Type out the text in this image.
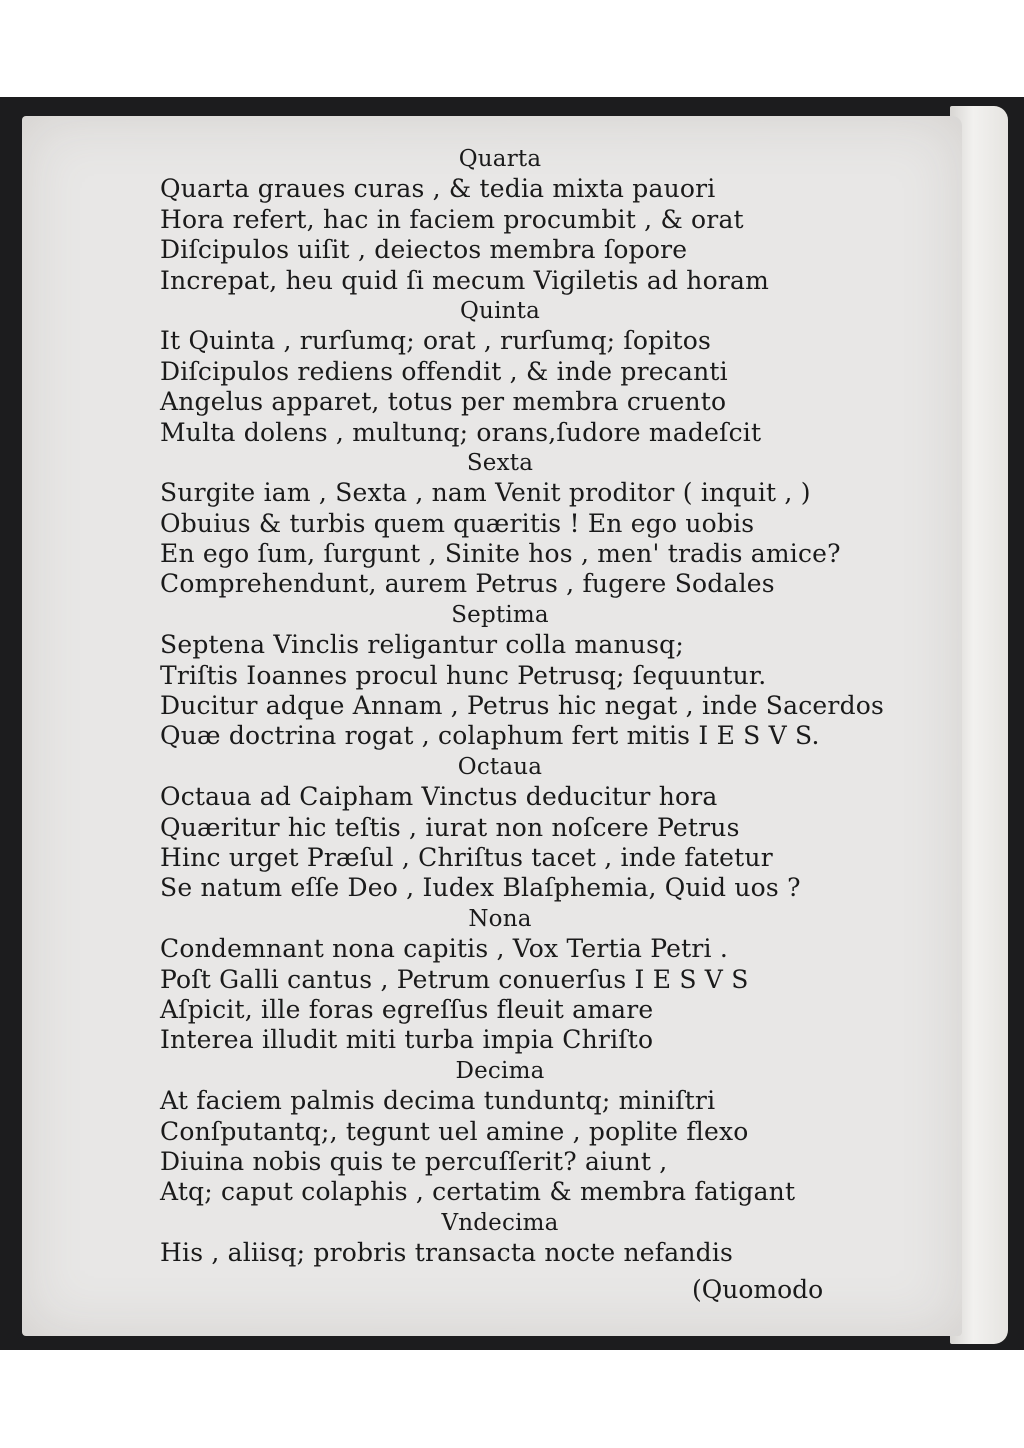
Quarta
Quarta graues curas , & tedia mixta pauori
Hora refert, hac in faciem procumbit , & orat
Diſcipulos uiſit , deiectos membra ſopore
Increpat, heu quid ſi mecum Vigiletis ad horam
Quinta
It Quinta , rurſumq; orat , rurſumq; ſopitos
Diſcipulos rediens offendit , & inde precanti
Angelus apparet, totus per membra cruento
Multa dolens , multunq; orans,ſudore madeſcit
Sexta
Surgite iam , Sexta , nam Venit proditor ( inquit , )
Obuius & turbis quem quæritis ! En ego uobis
En ego ſum, ſurgunt , Sinite hos , men' tradis amice?
Comprehendunt, aurem Petrus , fugere Sodales
Septima
Septena Vinclis religantur colla manusq;
Triſtis Ioannes procul hunc Petrusq; ſequuntur.
Ducitur adque Annam , Petrus hic negat , inde Sacerdos
Quæ doctrina rogat , colaphum fert mitis I E S V S.
Octaua
Octaua ad Caipham Vinctus deducitur hora
Quæritur hic teſtis , iurat non noſcere Petrus
Hinc urget Præſul , Chriſtus tacet , inde fatetur
Se natum eſſe Deo , Iudex Blaſphemia, Quid uos ?
Nona
Condemnant nona capitis , Vox Tertia Petri .
Poſt Galli cantus , Petrum conuerſus I E S V S
Aſpicit, ille foras egreſſus fleuit amare
Interea illudit miti turba impia Chriſto
Decima
At faciem palmis decima tunduntq; miniſtri
Conſputantq;, tegunt uel amine , poplite flexo
Diuina nobis quis te percuſſerit? aiunt ,
Atq; caput colaphis , certatim & membra fatigant
Vndecima
His , aliisq; probris transacta nocte nefandis
(Quomodo
